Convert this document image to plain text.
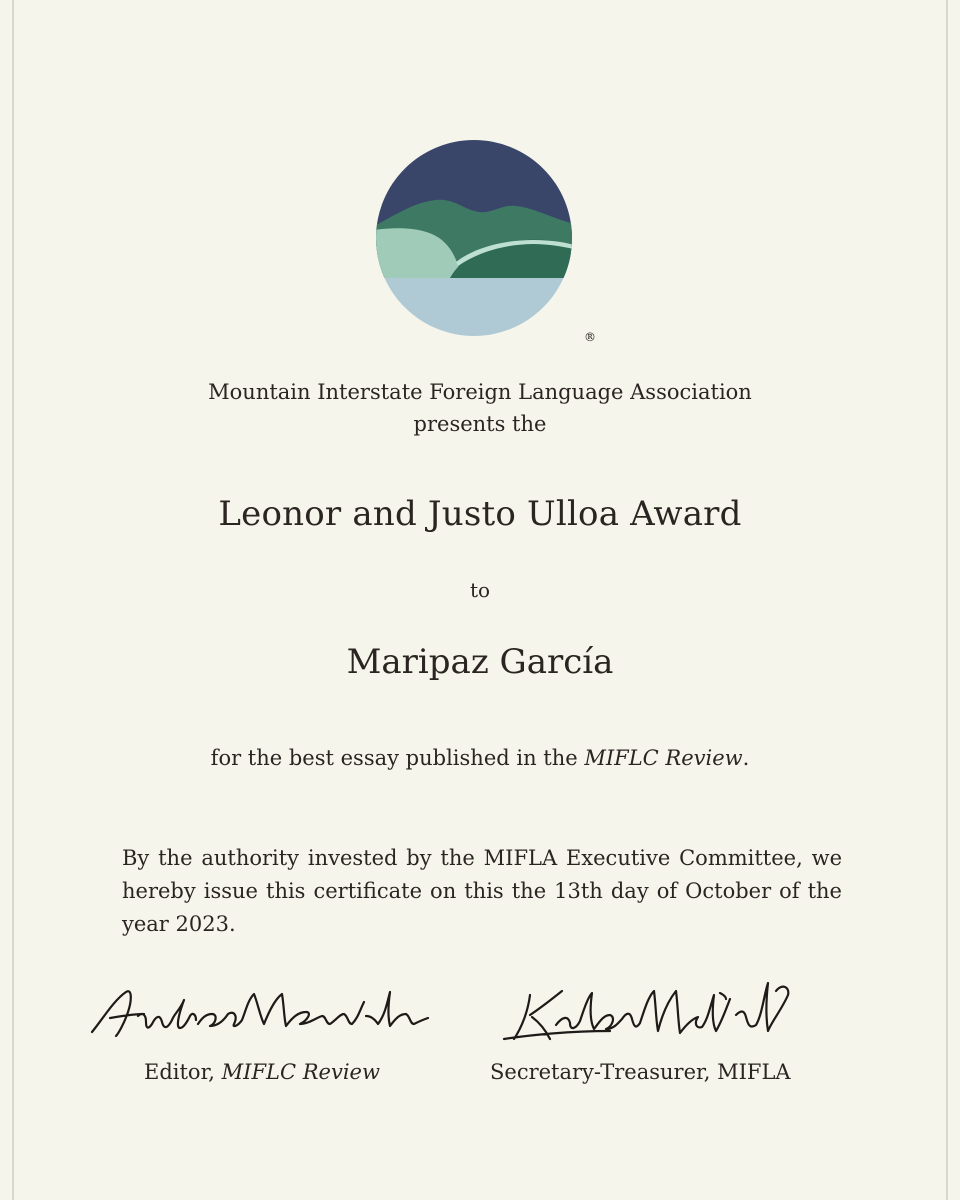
®
Mountain Interstate Foreign Language Association
presents the
Leonor and Justo Ulloa Award
to
Maripaz García
for the best essay published in the MIFLC Review.
By the authority invested by the MIFLA Executive Committee, we hereby issue this certificate on this the 13th day of October of the year 2023.
Editor, MIFLC Review	Secretary-Treasurer, MIFLA
